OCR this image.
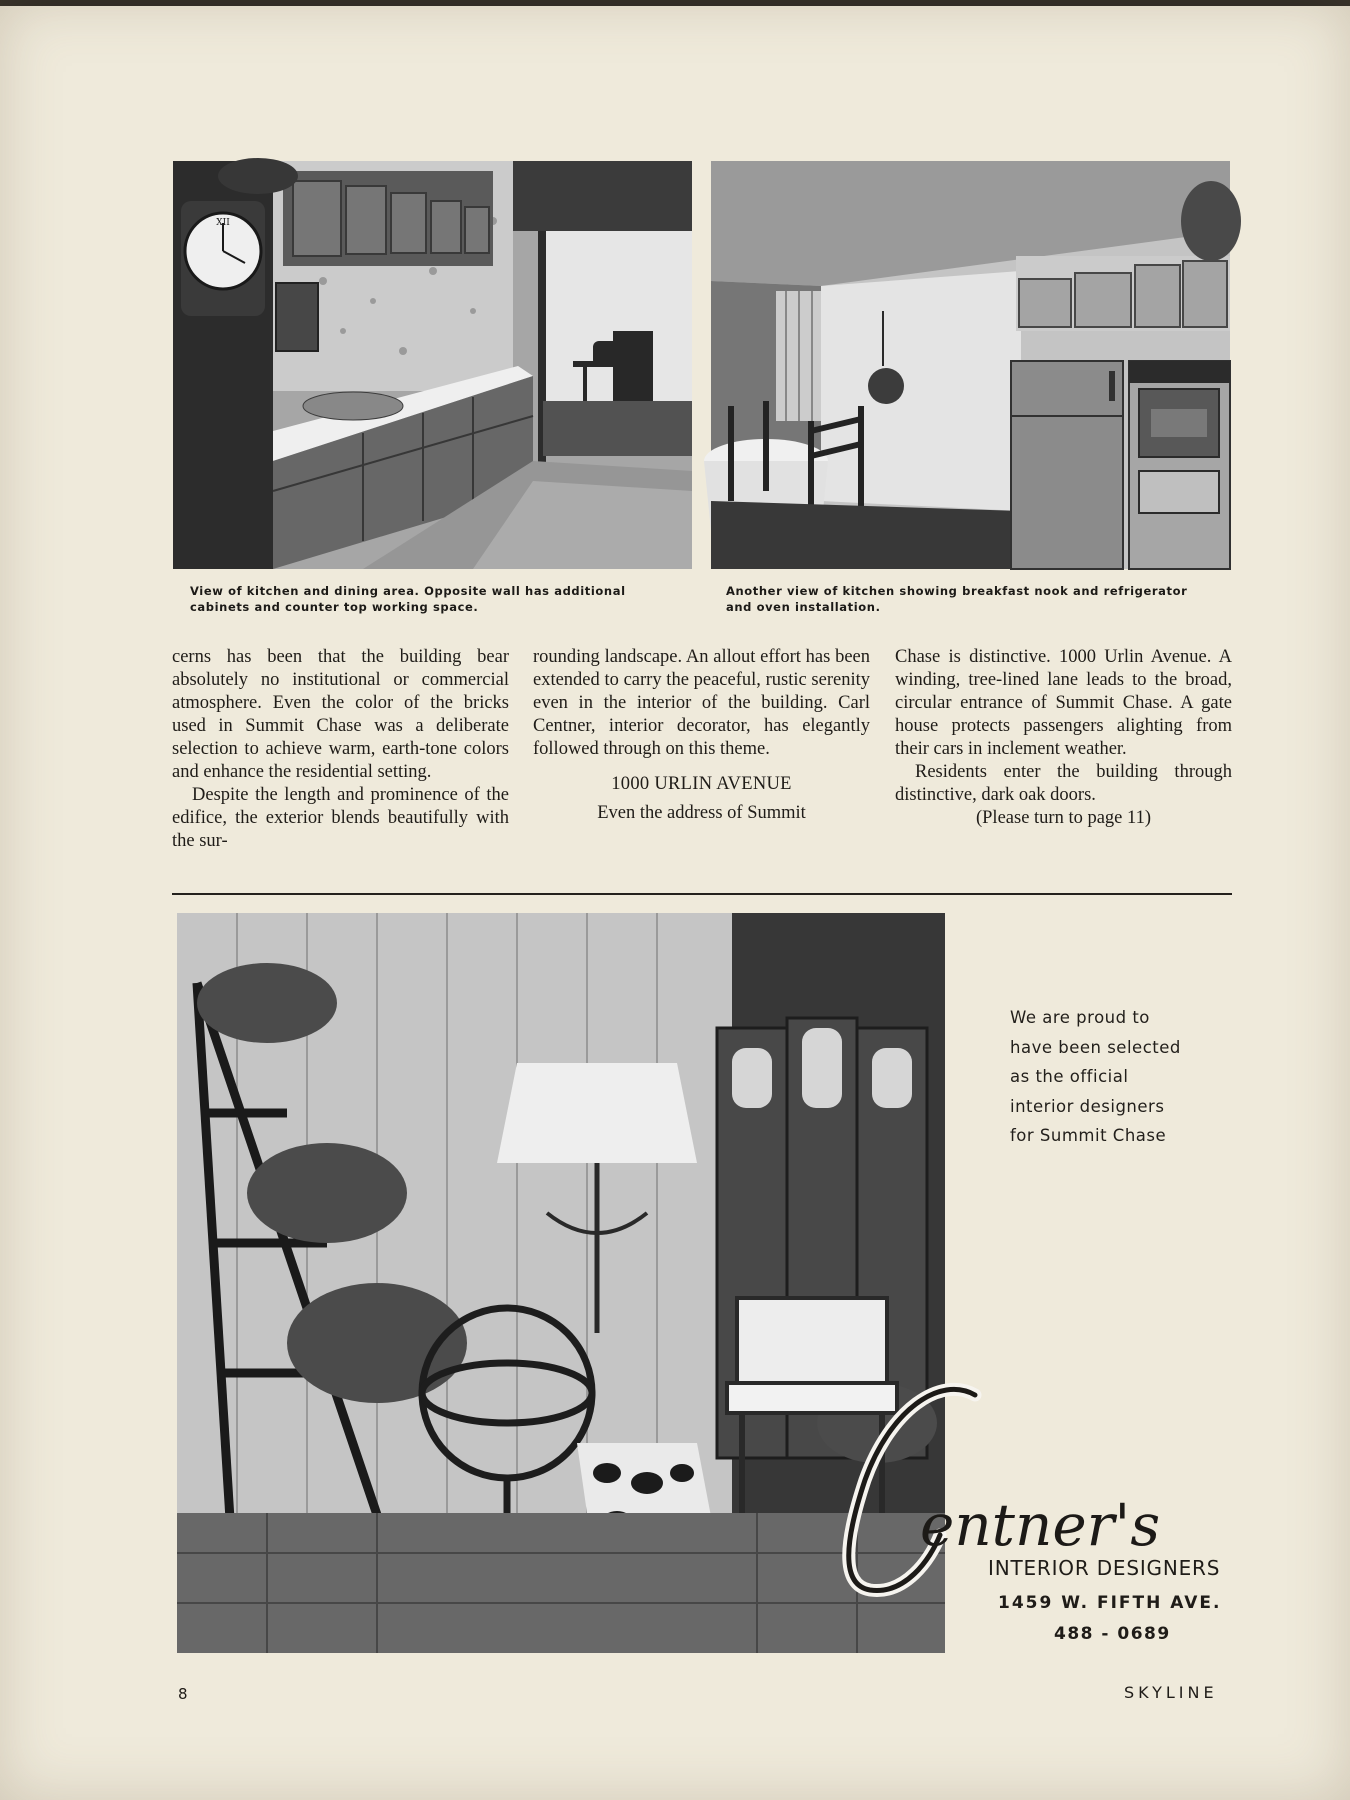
XII
View of kitchen and dining area. Opposite wall has additional
cabinets and counter top working space.
Another view of kitchen showing breakfast nook and refrigerator
and oven installation.

cerns has been that the building bear absolutely no institutional or commercial atmosphere. Even the color of the bricks used in Summit Chase was a deliberate selection to achieve warm, earth-tone colors and enhance the residential setting.

Despite the length and prominence of the edifice, the exterior blends beautifully with the sur-

rounding landscape. An allout effort has been extended to carry the peaceful, rustic serenity even in the interior of the building. Carl Centner, interior decorator, has elegantly followed through on this theme.

1000 URLIN AVENUE

Even the address of Summit

Chase is distinctive. 1000 Urlin Avenue. A winding, tree-lined lane leads to the broad, circular entrance of Summit Chase. A gate house protects passengers alighting from their cars in inclement weather.

Residents enter the building through distinctive, dark oak doors.

(Please turn to page 11)

We are proud to
have been selected
as the official
interior designers
for Summit Chase
entner's
INTERIOR DESIGNERS
1459 W. FIFTH AVE.
488 - 0689
8	SKYLINE
